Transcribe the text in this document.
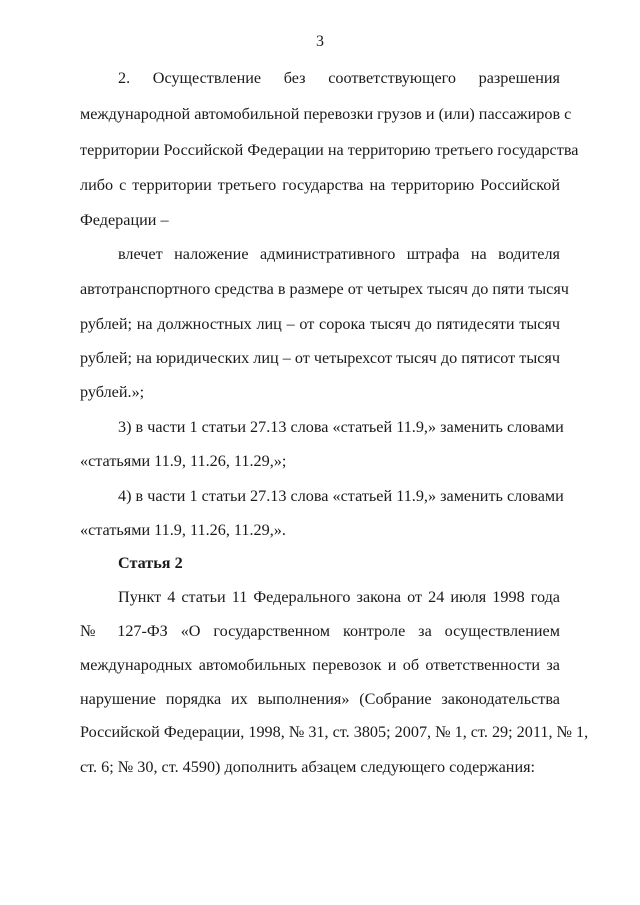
3
2. Осуществление без соответствующего разрешения
международной автомобильной перевозки грузов и (или) пассажиров с
территории Российской Федерации на территорию третьего государства
либо с территории третьего государства на территорию Российской
Федерации –
влечет наложение административного штрафа на водителя
автотранспортного средства в размере от четырех тысяч до пяти тысяч
рублей; на должностных лиц – от сорока тысяч до пятидесяти тысяч
рублей; на юридических лиц – от четырехсот тысяч до пятисот тысяч
рублей.»;
3) в части 1 статьи 27.13 слова «статьей 11.9,» заменить словами
«статьями 11.9, 11.26, 11.29,»;
4) в части 1 статьи 27.13 слова «статьей 11.9,» заменить словами
«статьями 11.9, 11.26, 11.29,».
Статья 2
Пункт 4 статьи 11 Федерального закона от 24 июля 1998 года
№ 127-ФЗ «О государственном контроле за осуществлением
международных автомобильных перевозок и об ответственности за
нарушение порядка их выполнения» (Собрание законодательства
Российской Федерации, 1998, № 31, ст. 3805; 2007, № 1, ст. 29; 2011, № 1,
ст. 6; № 30, ст. 4590) дополнить абзацем следующего содержания:
